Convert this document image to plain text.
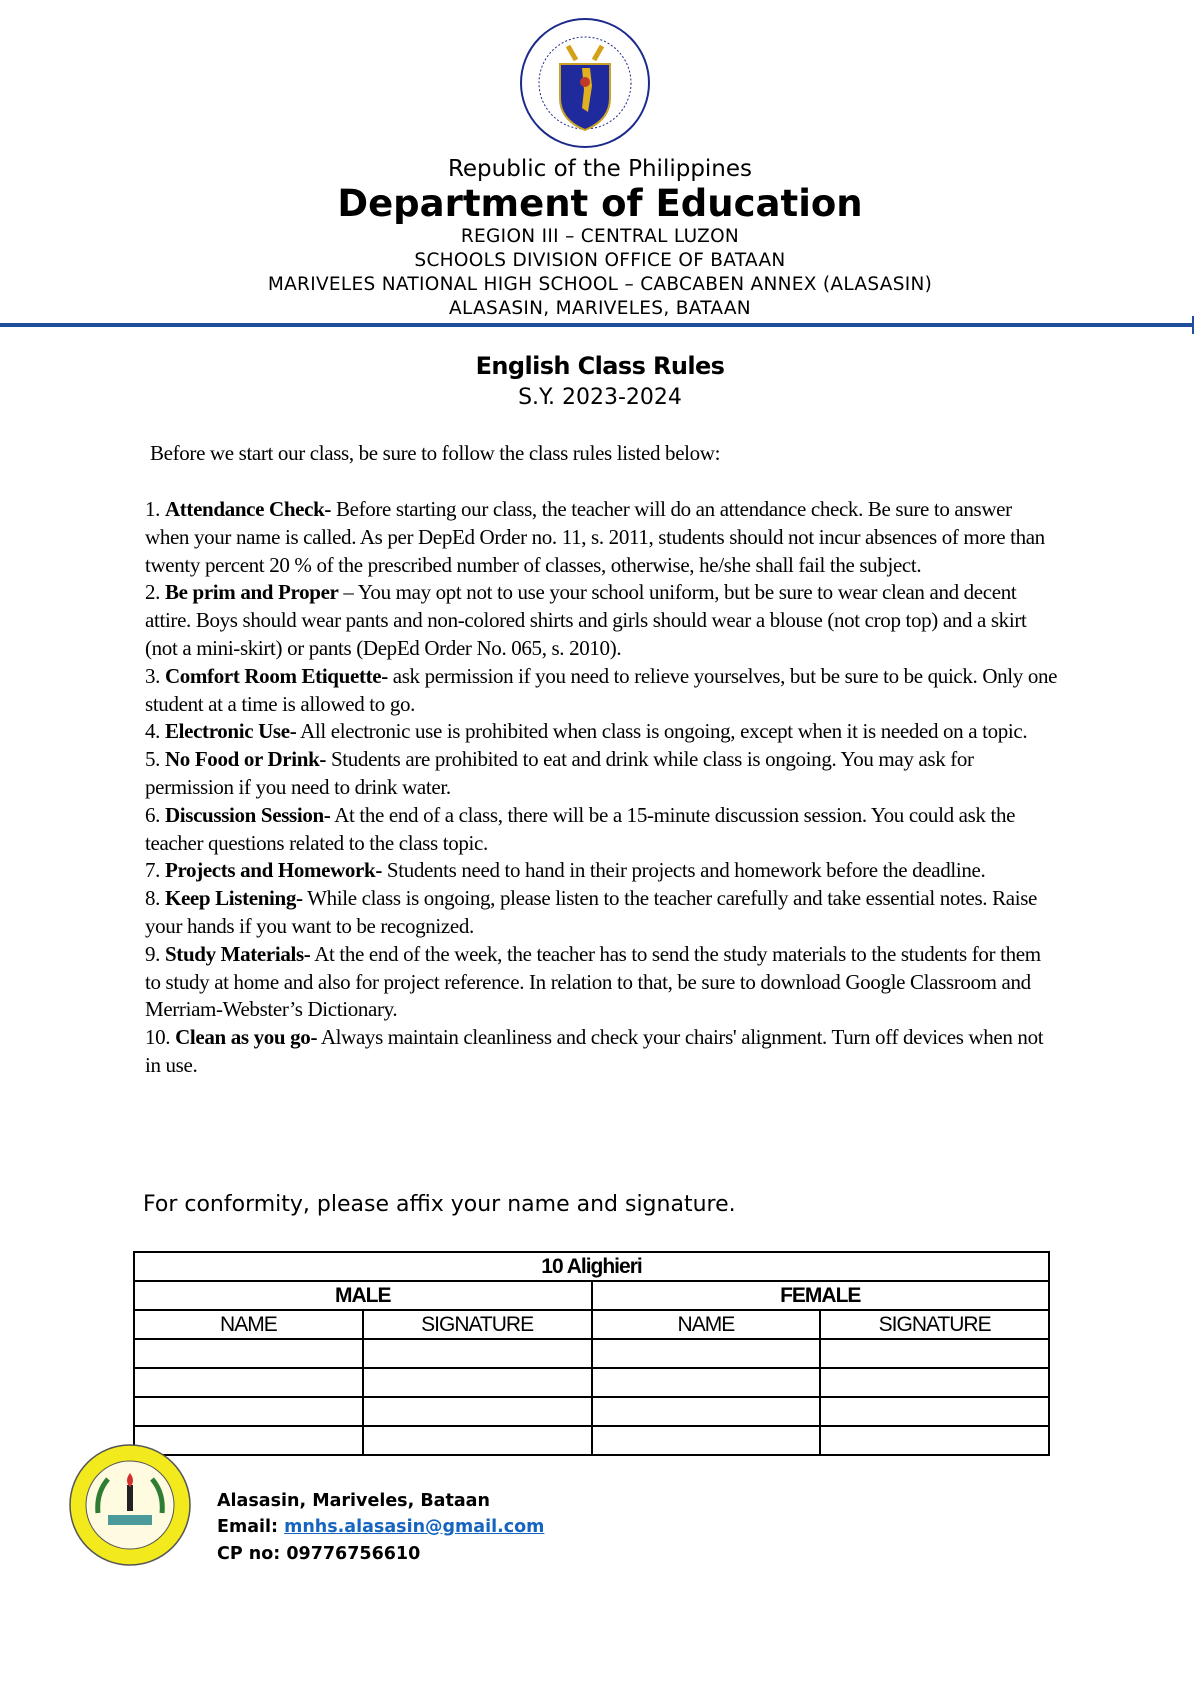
Republic of the Philippines
Department of Education
REGION III – CENTRAL LUZON
SCHOOLS DIVISION OFFICE OF BATAAN
MARIVELES NATIONAL HIGH SCHOOL – CABCABEN ANNEX (ALASASIN)
ALASASIN, MARIVELES, BATAAN
English Class Rules
S.Y. 2023-2024
Before we start our class, be sure to follow the class rules listed below:

1. Attendance Check- Before starting our class, the teacher will do an attendance check. Be sure to answer when your name is called. As per DepEd Order no. 11, s. 2011, students should not incur absences of more than twenty percent 20 % of the prescribed number of classes, otherwise, he/she shall fail the subject.

2. Be prim and Proper – You may opt not to use your school uniform, but be sure to wear clean and decent attire. Boys should wear pants and non-colored shirts and girls should wear a blouse (not crop top) and a skirt (not a mini-skirt) or pants (DepEd Order No. 065, s. 2010).

3. Comfort Room Etiquette- ask permission if you need to relieve yourselves, but be sure to be quick. Only one student at a time is allowed to go.

4. Electronic Use- All electronic use is prohibited when class is ongoing, except when it is needed on a topic.

5. No Food or Drink- Students are prohibited to eat and drink while class is ongoing. You may ask for permission if you need to drink water.

6. Discussion Session- At the end of a class, there will be a 15-minute discussion session. You could ask the teacher questions related to the class topic.

7. Projects and Homework- Students need to hand in their projects and homework before the deadline.

8. Keep Listening- While class is ongoing, please listen to the teacher carefully and take essential notes. Raise your hands if you want to be recognized.

9. Study Materials- At the end of the week, the teacher has to send the study materials to the students for them to study at home and also for project reference. In relation to that, be sure to download Google Classroom and Merriam-Webster’s Dictionary.

10. Clean as you go- Always maintain cleanliness and check your chairs' alignment. Turn off devices when not in use.

For conformity, please affix your name and signature.
10 Alighieri			
MALE		FEMALE	
NAME	SIGNATURE	NAME	SIGNATURE

Alasasin, Mariveles, Bataan
Email: mnhs.alasasin@gmail.com
CP no: 09776756610
